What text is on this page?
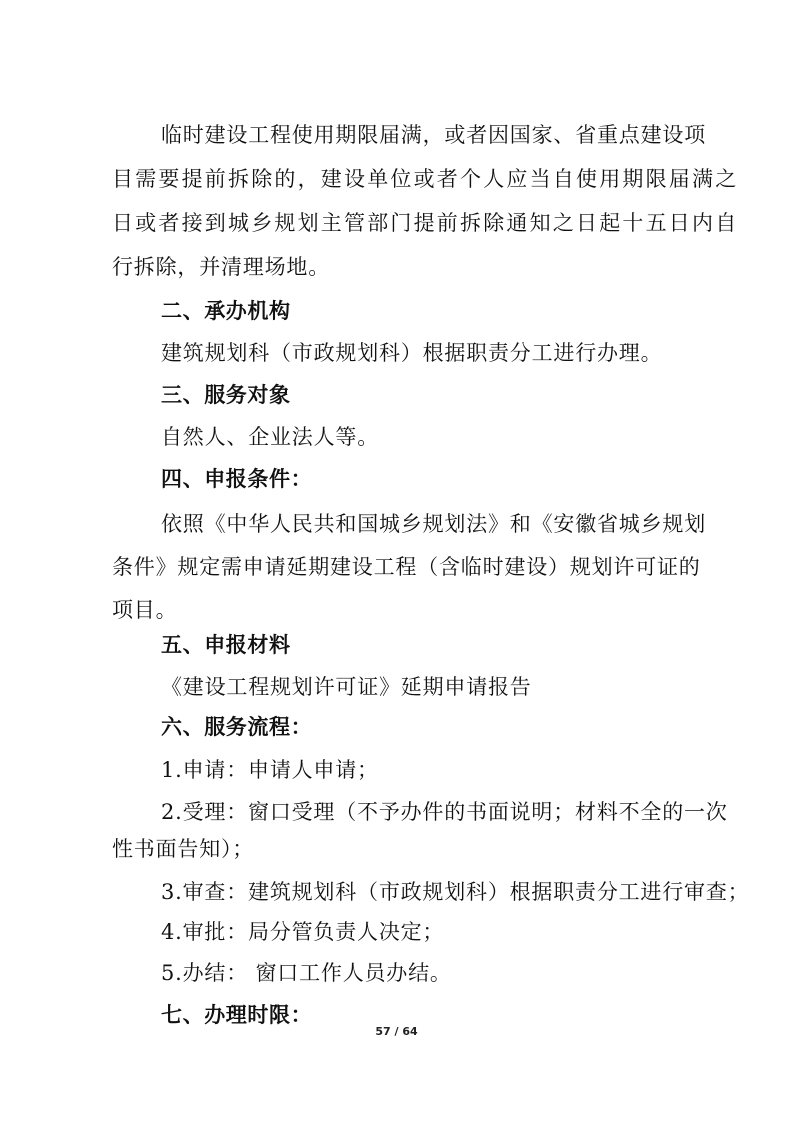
临时建设工程使用期限届满，或者因国家、省重点建设项
目需要提前拆除的，建设单位或者个人应当自使用期限届满之
日或者接到城乡规划主管部门提前拆除通知之日起十五日内自
行拆除，并清理场地。
二、承办机构
建筑规划科（市政规划科）根据职责分工进行办理。
三、服务对象
自然人、企业法人等。
四、申报条件：
依照《中华人民共和国城乡规划法》和《安徽省城乡规划
条件》规定需申请延期建设工程（含临时建设）规划许可证的
项目。
五、申报材料
《建设工程规划许可证》延期申请报告
六、服务流程：
1.申请：申请人申请；
2.受理：窗口受理（不予办件的书面说明；材料不全的一次
性书面告知）；
3.审查：建筑规划科（市政规划科）根据职责分工进行审查；
4.审批：局分管负责人决定；
5.办结： 窗口工作人员办结。
七、办理时限：
57 / 64
